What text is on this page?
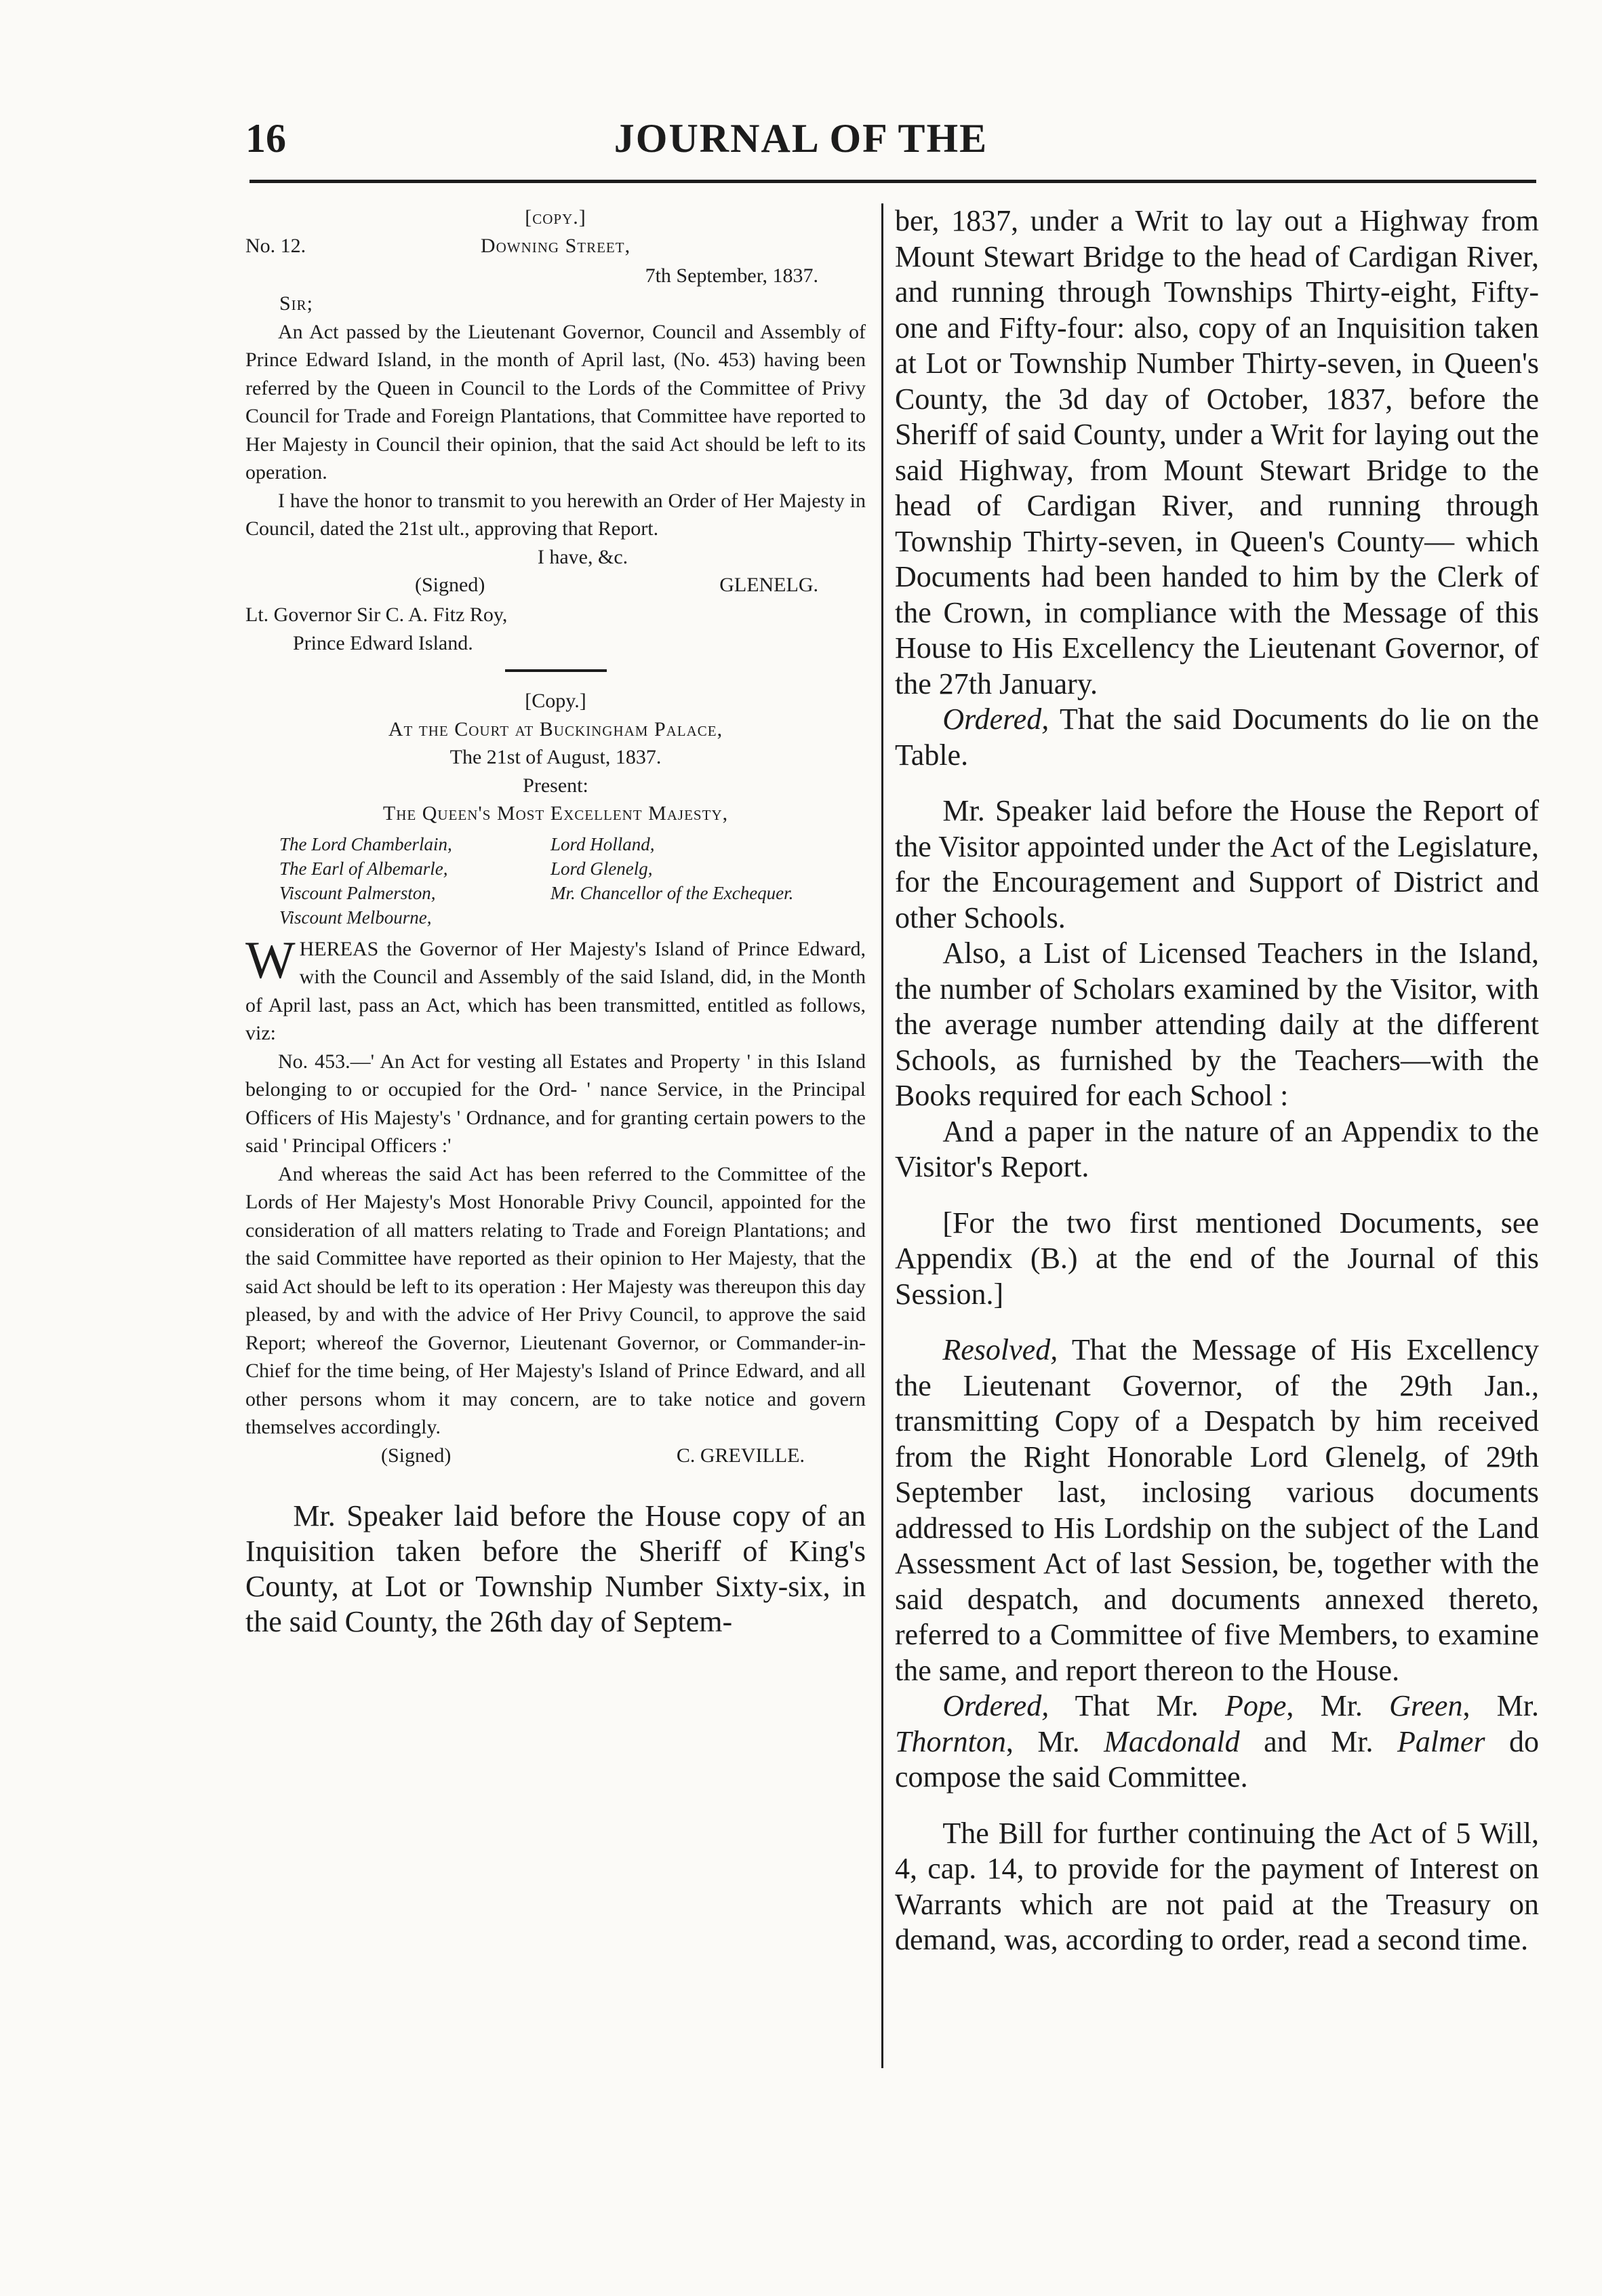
16	JOURNAL OF THE

[copy.]

No. 12.	Downing Street,

7th September, 1837.

Sir;

An Act passed by the Lieutenant Governor, Council and Assembly of Prince Edward Island, in the month of April last, (No. 453) having been referred by the Queen in Council to the Lords of the Committee of Privy Council for Trade and Foreign Plantations, that Committee have reported to Her Majesty in Council their opinion, that the said Act should be left to its operation.

I have the honor to transmit to you herewith an Order of Her Majesty in Council, dated the 21st ult., approving that Report.

I have, &c.

(Signed)	GLENELG.

Lt. Governor Sir C. A. Fitz Roy,

Prince Edward Island.

[Copy.]

At the Court at Buckingham Palace,

The 21st of August, 1837.

Present:

The Queen's Most Excellent Majesty,

The Lord Chamberlain,	Lord Holland,
The Earl of Albemarle,	Lord Glenelg,
Viscount Palmerston,	Mr. Chancellor of the Exchequer.
Viscount Melbourne,

WHEREAS the Governor of Her Majesty's Island of Prince Edward, with the Council and Assembly of the said Island, did, in the Month of April last, pass an Act, which has been transmitted, entitled as follows, viz:

No. 453.—' An Act for vesting all Estates and Property ' in this Island belonging to or occupied for the Ord- ' nance Service, in the Principal Officers of His Majesty's ' Ordnance, and for granting certain powers to the said ' Principal Officers :'

And whereas the said Act has been referred to the Committee of the Lords of Her Majesty's Most Honorable Privy Council, appointed for the consideration of all matters relating to Trade and Foreign Plantations; and the said Committee have reported as their opinion to Her Majesty, that the said Act should be left to its operation : Her Majesty was thereupon this day pleased, by and with the advice of Her Privy Council, to approve the said Report; whereof the Governor, Lieutenant Governor, or Commander-in-Chief for the time being, of Her Majesty's Island of Prince Edward, and all other persons whom it may concern, are to take notice and govern themselves accordingly.

(Signed)	C. GREVILLE.

Mr. Speaker laid before the House copy of an Inquisition taken before the Sheriff of King's County, at Lot or Township Number Sixty-six, in the said County, the 26th day of Septem-

ber, 1837, under a Writ to lay out a Highway from Mount Stewart Bridge to the head of Cardigan River, and running through Townships Thirty-eight, Fifty-one and Fifty-four: also, copy of an Inquisition taken at Lot or Township Number Thirty-seven, in Queen's County, the 3d day of October, 1837, before the Sheriff of said County, under a Writ for laying out the said Highway, from Mount Stewart Bridge to the head of Cardigan River, and running through Township Thirty-seven, in Queen's County— which Documents had been handed to him by the Clerk of the Crown, in compliance with the Message of this House to His Excellency the Lieutenant Governor, of the 27th January.

Ordered, That the said Documents do lie on the Table.

Mr. Speaker laid before the House the Report of the Visitor appointed under the Act of the Legislature, for the Encouragement and Support of District and other Schools.

Also, a List of Licensed Teachers in the Island, the number of Scholars examined by the Visitor, with the average number attending daily at the different Schools, as furnished by the Teachers—with the Books required for each School :

And a paper in the nature of an Appendix to the Visitor's Report.

[For the two first mentioned Documents, see Appendix (B.) at the end of the Journal of this Session.]

Resolved, That the Message of His Excellency the Lieutenant Governor, of the 29th Jan., transmitting Copy of a Despatch by him received from the Right Honorable Lord Glenelg, of 29th September last, inclosing various documents addressed to His Lordship on the subject of the Land Assessment Act of last Session, be, together with the said despatch, and documents annexed thereto, referred to a Committee of five Members, to examine the same, and report thereon to the House.

Ordered, That Mr. Pope, Mr. Green, Mr. Thornton, Mr. Macdonald and Mr. Palmer do compose the said Committee.

The Bill for further continuing the Act of 5 Will, 4, cap. 14, to provide for the payment of Interest on Warrants which are not paid at the Treasury on demand, was, according to order, read a second time.
